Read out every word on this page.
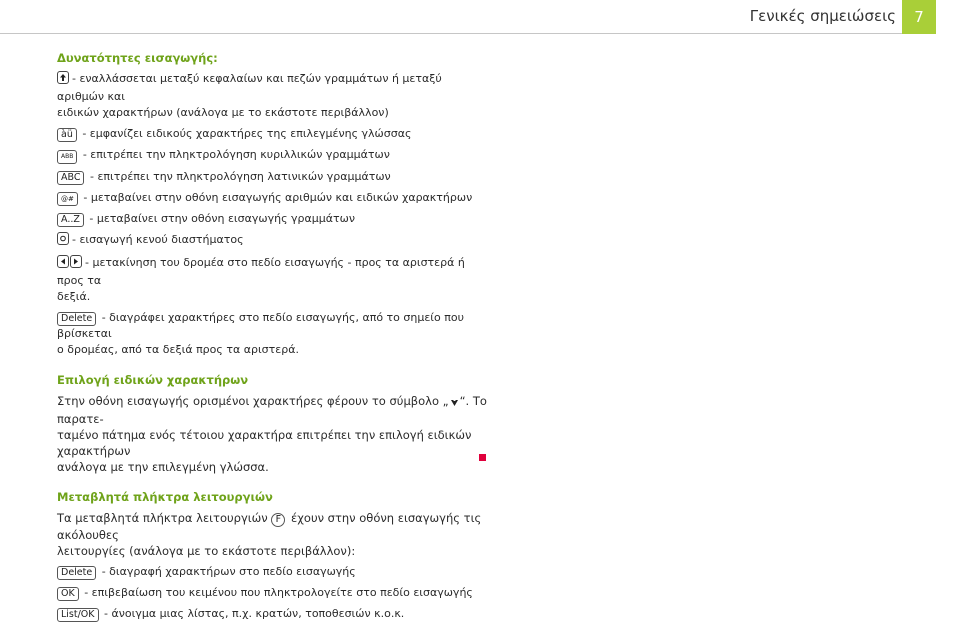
Γενικές σημειώσεις	7
Δυνατότητες εισαγωγής:
- εναλλάσσεται μεταξύ κεφαλαίων και πεζών γραμμάτων ή μεταξύ αριθμών και
ειδικών χαρακτήρων (ανάλογα με το εκάστοτε περιβάλλον)
àü - εμφανίζει ειδικούς χαρακτήρες της επιλεγμένης γλώσσας
ABB - επιτρέπει την πληκτρολόγηση κυριλλικών γραμμάτων
ABC - επιτρέπει την πληκτρολόγηση λατινικών γραμμάτων
@# - μεταβαίνει στην οθόνη εισαγωγής αριθμών και ειδικών χαρακτήρων
A..Z - μεταβαίνει στην οθόνη εισαγωγής γραμμάτων
- εισαγωγή κενού διαστήματος
- μετακίνηση του δρομέα στο πεδίο εισαγωγής - προς τα αριστερά ή προς τα
δεξιά.
Delete - διαγράφει χαρακτήρες στο πεδίο εισαγωγής, από το σημείο που βρίσκεται
ο δρομέας, από τα δεξιά προς τα αριστερά.
Επιλογή ειδικών χαρακτήρων
Στην οθόνη εισαγωγής ορισμένοι χαρακτήρες φέρουν το σύμβολο „ “. Το παρατε-
ταμένο πάτημα ενός τέτοιου χαρακτήρα επιτρέπει την επιλογή ειδικών χαρακτήρων
ανάλογα με την επιλεγμένη γλώσσα.
Μεταβλητά πλήκτρα λειτουργιών
Τα μεταβλητά πλήκτρα λειτουργιών F έχουν στην οθόνη εισαγωγής τις ακόλουθες
λειτουργίες (ανάλογα με το εκάστοτε περιβάλλον):
Delete - διαγραφή χαρακτήρων στο πεδίο εισαγωγής
OK - επιβεβαίωση του κειμένου που πληκτρολογείτε στο πεδίο εισαγωγής
List/OK - άνοιγμα μιας λίστας, π.χ. κρατών, τοποθεσιών κ.ο.κ.
